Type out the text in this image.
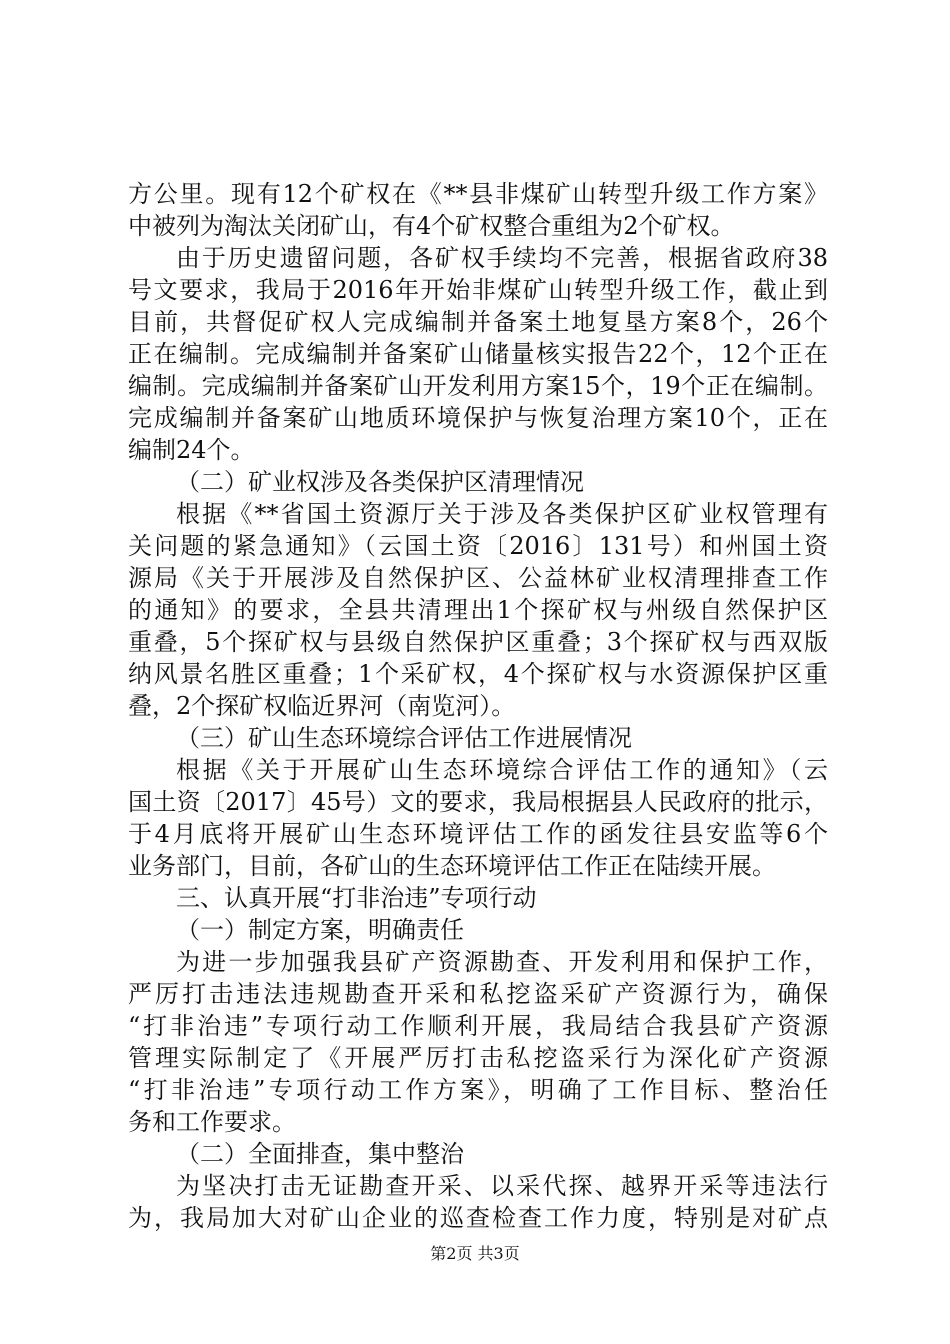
方公里。现有12个矿权在《**县非煤矿山转型升级工作方案》
中被列为淘汰关闭矿山，有4个矿权整合重组为2个矿权。
由于历史遗留问题，各矿权手续均不完善，根据省政府38
号文要求，我局于2016年开始非煤矿山转型升级工作，截止到
目前，共督促矿权人完成编制并备案土地复垦方案8个，26个
正在编制。完成编制并备案矿山储量核实报告22个，12个正在
编制。完成编制并备案矿山开发利用方案15个，19个正在编制。
完成编制并备案矿山地质环境保护与恢复治理方案10个，正在
编制24个。
（二）矿业权涉及各类保护区清理情况
根据《**省国土资源厅关于涉及各类保护区矿业权管理有
关问题的紧急通知》（云国土资〔2016〕131号）和州国土资
源局《关于开展涉及自然保护区、公益林矿业权清理排查工作
的通知》的要求，全县共清理出1个探矿权与州级自然保护区
重叠，5个探矿权与县级自然保护区重叠；3个探矿权与西双版
纳风景名胜区重叠；1个采矿权，4个探矿权与水资源保护区重
叠，2个探矿权临近界河（南览河）。
（三）矿山生态环境综合评估工作进展情况
根据《关于开展矿山生态环境综合评估工作的通知》（云
国土资〔2017〕45号）文的要求，我局根据县人民政府的批示，
于4月底将开展矿山生态环境评估工作的函发往县安监等6个
业务部门，目前，各矿山的生态环境评估工作正在陆续开展。
三、认真开展“打非治违”专项行动
（一）制定方案，明确责任
为进一步加强我县矿产资源勘查、开发利用和保护工作，
严厉打击违法违规勘查开采和私挖盗采矿产资源行为，确保
“打非治违”专项行动工作顺利开展，我局结合我县矿产资源
管理实际制定了《开展严厉打击私挖盗采行为深化矿产资源
“打非治违”专项行动工作方案》，明确了工作目标、整治任
务和工作要求。
（二）全面排查，集中整治
为坚决打击无证勘查开采、以采代探、越界开采等违法行
为，我局加大对矿山企业的巡查检查工作力度，特别是对矿点
第2页 共3页
